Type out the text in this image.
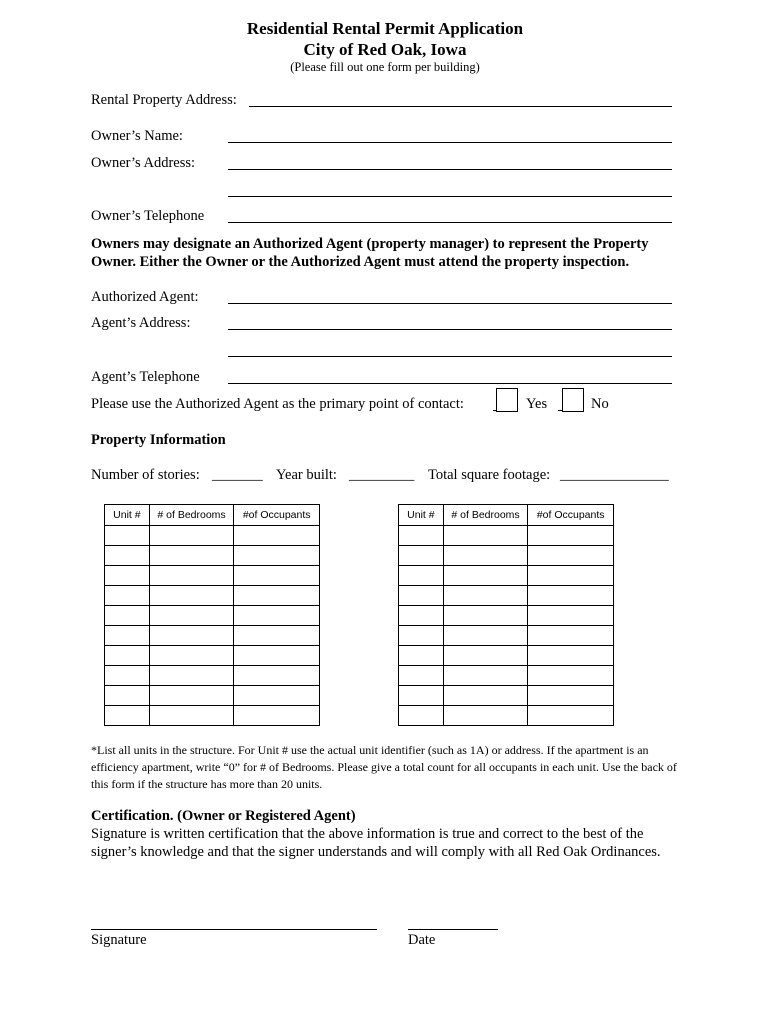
Residential Rental Permit Application
City of Red Oak, Iowa
(Please fill out one form per building)
Rental Property Address:
Owner’s Name:
Owner’s Address:
Owner’s Telephone
Owners may designate an Authorized Agent (property manager) to represent the Property Owner. Either the Owner or the Authorized Agent must attend the property inspection.
Authorized Agent:
Agent’s Address:
Agent’s Telephone
Please use the Authorized Agent as the primary point of contact:	Yes	No
Property Information
Number of stories: _______ Year built: _________ Total square footage: _______________
Unit #	# of Bedrooms	#of Occupants

			Unit #	# of Bedrooms	#of Occupants

*List all units in the structure. For Unit # use the actual unit identifier (such as 1A) or address. If the apartment is an efficiency apartment, write “0” for # of Bedrooms. Please give a total count for all occupants in each unit. Use the back of this form if the structure has more than 20 units.
Certification. (Owner or Registered Agent)
Signature is written certification that the above information is true and correct to the best of the signer’s knowledge and that the signer understands and will comply with all Red Oak Ordinances.
Signature	Date
